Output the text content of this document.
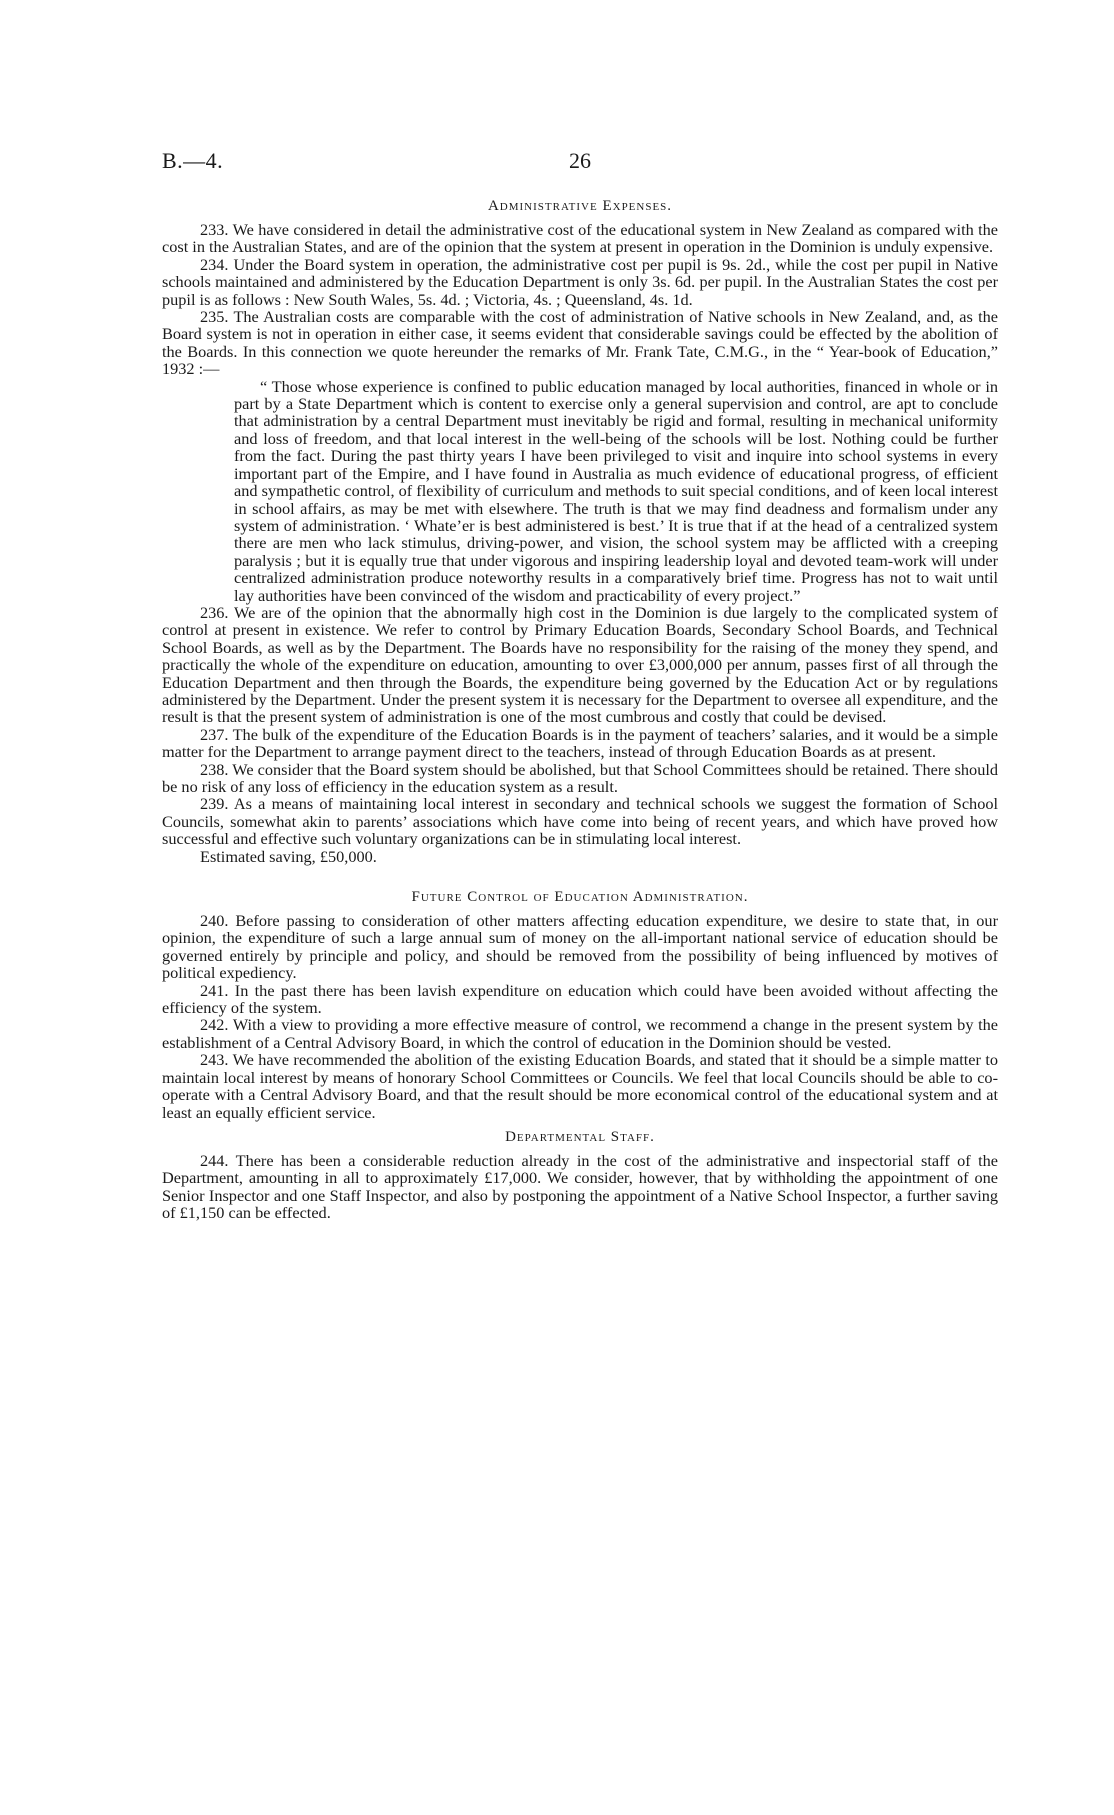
B.—4.	26
Administrative Expenses.

233. We have considered in detail the administrative cost of the educational system in New Zealand as compared with the cost in the Australian States, and are of the opinion that the system at present in operation in the Dominion is unduly expensive.

234. Under the Board system in operation, the administrative cost per pupil is 9s. 2d., while the cost per pupil in Native schools maintained and administered by the Education Department is only 3s. 6d. per pupil. In the Australian States the cost per pupil is as follows : New South Wales, 5s. 4d. ; Victoria, 4s. ; Queensland, 4s. 1d.

235. The Australian costs are comparable with the cost of administration of Native schools in New Zealand, and, as the Board system is not in operation in either case, it seems evident that considerable savings could be effected by the abolition of the Boards. In this connection we quote hereunder the remarks of Mr. Frank Tate, C.M.G., in the “ Year-book of Education,” 1932 :—

“ Those whose experience is confined to public education managed by local authorities, financed in whole or in part by a State Department which is content to exercise only a general supervision and control, are apt to conclude that administration by a central Department must inevitably be rigid and formal, resulting in mechanical uniformity and loss of freedom, and that local interest in the well-being of the schools will be lost. Nothing could be further from the fact. During the past thirty years I have been privileged to visit and inquire into school systems in every important part of the Empire, and I have found in Australia as much evidence of educational progress, of efficient and sympathetic control, of flexibility of curriculum and methods to suit special conditions, and of keen local interest in school affairs, as may be met with elsewhere. The truth is that we may find deadness and formalism under any system of administration. ‘ Whate’er is best administered is best.’ It is true that if at the head of a centralized system there are men who lack stimulus, driving-power, and vision, the school system may be afflicted with a creeping paralysis ; but it is equally true that under vigorous and inspiring leadership loyal and devoted team-work will under centralized administration produce noteworthy results in a comparatively brief time. Progress has not to wait until lay authorities have been convinced of the wisdom and practicability of every project.”

236. We are of the opinion that the abnormally high cost in the Dominion is due largely to the complicated system of control at present in existence. We refer to control by Primary Education Boards, Secondary School Boards, and Technical School Boards, as well as by the Department. The Boards have no responsibility for the raising of the money they spend, and practically the whole of the expenditure on education, amounting to over £3,000,000 per annum, passes first of all through the Education Department and then through the Boards, the expenditure being governed by the Education Act or by regulations administered by the Department. Under the present system it is necessary for the Department to oversee all expenditure, and the result is that the present system of administration is one of the most cumbrous and costly that could be devised.

237. The bulk of the expenditure of the Education Boards is in the payment of teachers’ salaries, and it would be a simple matter for the Department to arrange payment direct to the teachers, instead of through Education Boards as at present.

238. We consider that the Board system should be abolished, but that School Committees should be retained. There should be no risk of any loss of efficiency in the education system as a result.

239. As a means of maintaining local interest in secondary and technical schools we suggest the formation of School Councils, somewhat akin to parents’ associations which have come into being of recent years, and which have proved how successful and effective such voluntary organizations can be in stimulating local interest.

Estimated saving, £50,000.

Future Control of Education Administration.

240. Before passing to consideration of other matters affecting education expenditure, we desire to state that, in our opinion, the expenditure of such a large annual sum of money on the all-important national service of education should be governed entirely by principle and policy, and should be removed from the possibility of being influenced by motives of political expediency.

241. In the past there has been lavish expenditure on education which could have been avoided without affecting the efficiency of the system.

242. With a view to providing a more effective measure of control, we recommend a change in the present system by the establishment of a Central Advisory Board, in which the control of education in the Dominion should be vested.

243. We have recommended the abolition of the existing Education Boards, and stated that it should be a simple matter to maintain local interest by means of honorary School Committees or Councils. We feel that local Councils should be able to co-operate with a Central Advisory Board, and that the result should be more economical control of the educational system and at least an equally efficient service.

Departmental Staff.

244. There has been a considerable reduction already in the cost of the administrative and inspectorial staff of the Department, amounting in all to approximately £17,000. We consider, however, that by withholding the appointment of one Senior Inspector and one Staff Inspector, and also by postponing the appointment of a Native School Inspector, a further saving of £1,150 can be effected.
